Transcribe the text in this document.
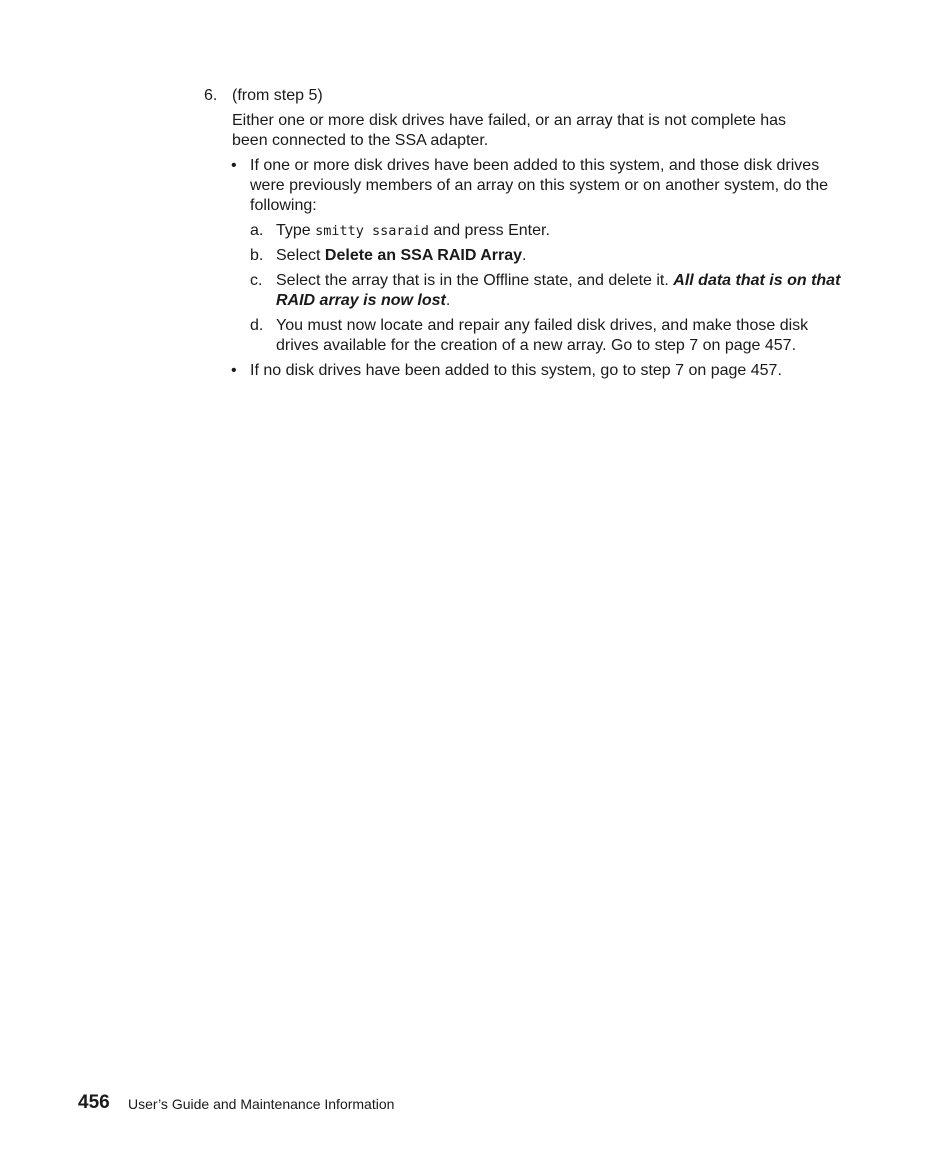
6. (from step 5)
Either one or more disk drives have failed, or an array that is not complete has been connected to the SSA adapter.
• If one or more disk drives have been added to this system, and those disk drives were previously members of an array on this system or on another system, do the following:
a. Type smitty ssaraid and press Enter.
b. Select Delete an SSA RAID Array.
c. Select the array that is in the Offline state, and delete it. All data that is on that RAID array is now lost.
d. You must now locate and repair any failed disk drives, and make those disk drives available for the creation of a new array. Go to step 7 on page 457.
• If no disk drives have been added to this system, go to step 7 on page 457.
456 User’s Guide and Maintenance Information
